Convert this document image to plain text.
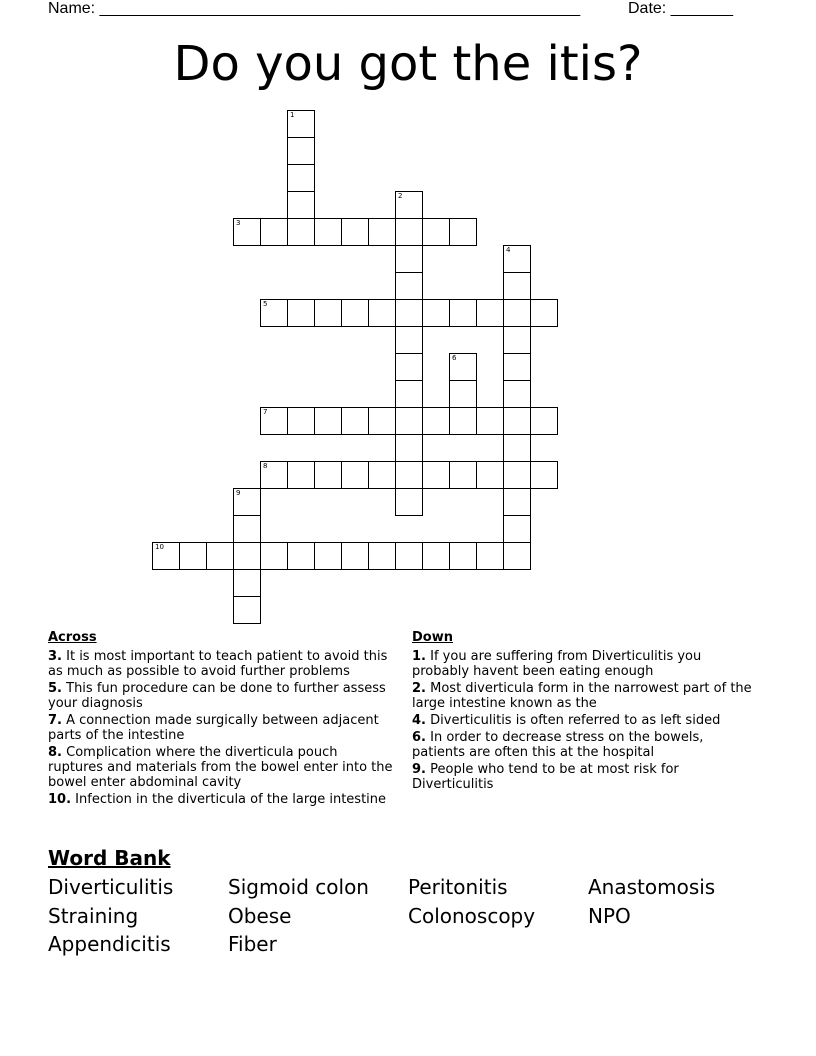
Name: ______________________________________________________	Date: _______
Do you got the itis?
1
2
3
4
5
6
7
8
9
10
Across
3. It is most important to teach patient to avoid this as much as possible to avoid further problems
5. This fun procedure can be done to further assess your diagnosis
7. A connection made surgically between adjacent parts of the intestine
8. Complication where the diverticula pouch ruptures and materials from the bowel enter into the bowel enter abdominal cavity
10. Infection in the diverticula of the large intestine
Down
1. If you are suffering from Diverticulitis you probably havent been eating enough
2. Most diverticula form in the narrowest part of the large intestine known as the
4. Diverticulitis is often referred to as left sided
6. In order to decrease stress on the bowels, patients are often this at the hospital
9. People who tend to be at most risk for Diverticulitis
Word Bank
Diverticulitis	Sigmoid colon	Peritonitis	Anastomosis
Straining	Obese	Colonoscopy	NPO
Appendicitis	Fiber
